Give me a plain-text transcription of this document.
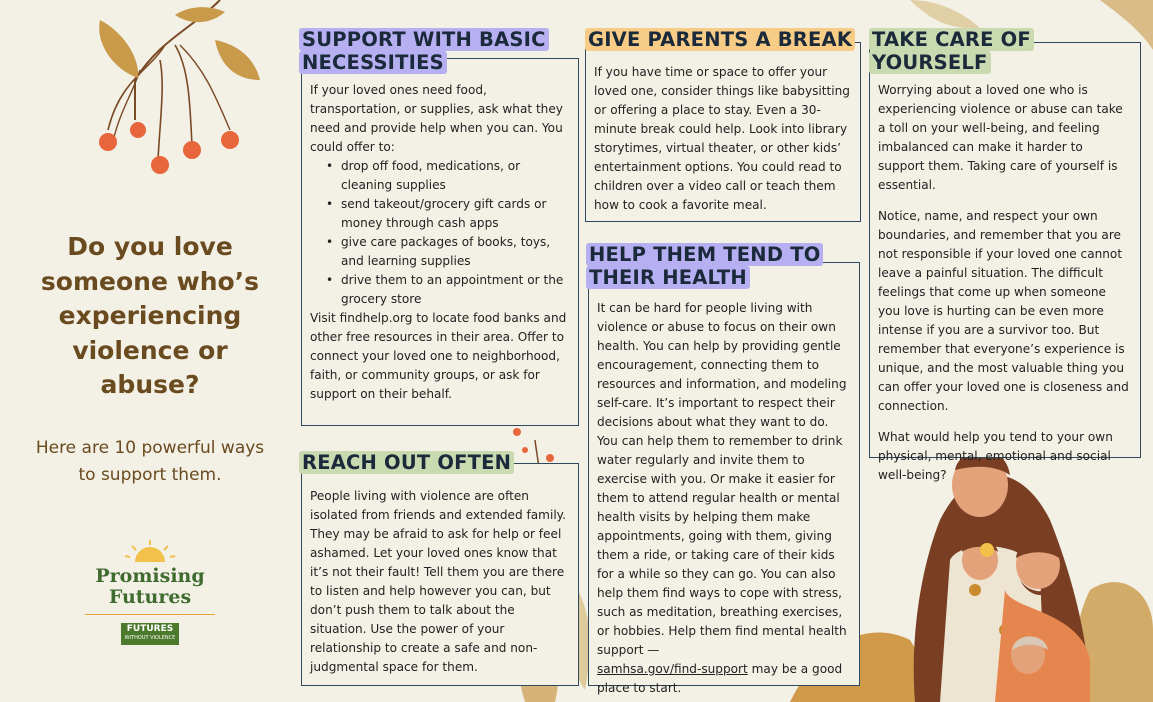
Do you love someone who’s experiencing violence or abuse?
Here are 10 powerful ways to support them.
Promising
Futures
FUTURES
WITHOUT VIOLENCE

If your loved ones need food, transportation, or supplies, ask what they need and provide help when you can. You could offer to:

• drop off food, medications, or cleaning supplies
• send takeout/grocery gift cards or money through cash apps
• give care packages of books, toys, and learning supplies
• drive them to an appointment or the grocery store

Visit findhelp.org to locate food banks and other free resources in their area. Offer to connect your loved one to neighborhood, faith, or community groups, or ask for support on their behalf.

SUPPORT WITH BASIC NECESSITIES

People living with violence are often isolated from friends and extended family. They may be afraid to ask for help or feel ashamed. Let your loved ones know that it’s not their fault! Tell them you are there to listen and help however you can, but don’t push them to talk about the situation. Use the power of your relationship to create a safe and non-judgmental space for them.

REACH OUT OFTEN

If you have time or space to offer your loved one, consider things like babysitting or offering a place to stay. Even a 30-minute break could help. Look into library storytimes, virtual theater, or other kids’ entertainment options. You could read to children over a video call or teach them how to cook a favorite meal.

GIVE PARENTS A BREAK

It can be hard for people living with violence or abuse to focus on their own health. You can help by providing gentle encouragement, connecting them to resources and information, and modeling self-care. It’s important to respect their decisions about what they want to do. You can help them to remember to drink water regularly and invite them to exercise with you. Or make it easier for them to attend regular health or mental health visits by helping them make appointments, going with them, giving them a ride, or taking care of their kids for a while so they can go. You can also help them find ways to cope with stress, such as meditation, breathing exercises, or hobbies. Help them find mental health support —
samhsa.gov/find-support may be a good place to start.

HELP THEM TEND TO THEIR HEALTH

Worrying about a loved one who is experiencing violence or abuse can take a toll on your well-being, and feeling imbalanced can make it harder to support them. Taking care of yourself is essential.

Notice, name, and respect your own boundaries, and remember that you are not responsible if your loved one cannot leave a painful situation. The difficult feelings that come up when someone you love is hurting can be even more intense if you are a survivor too. But remember that everyone’s experience is unique, and the most valuable thing you can offer your loved one is closeness and connection.

What would help you tend to your own physical, mental, emotional and social well-being?

TAKE CARE OF YOURSELF
